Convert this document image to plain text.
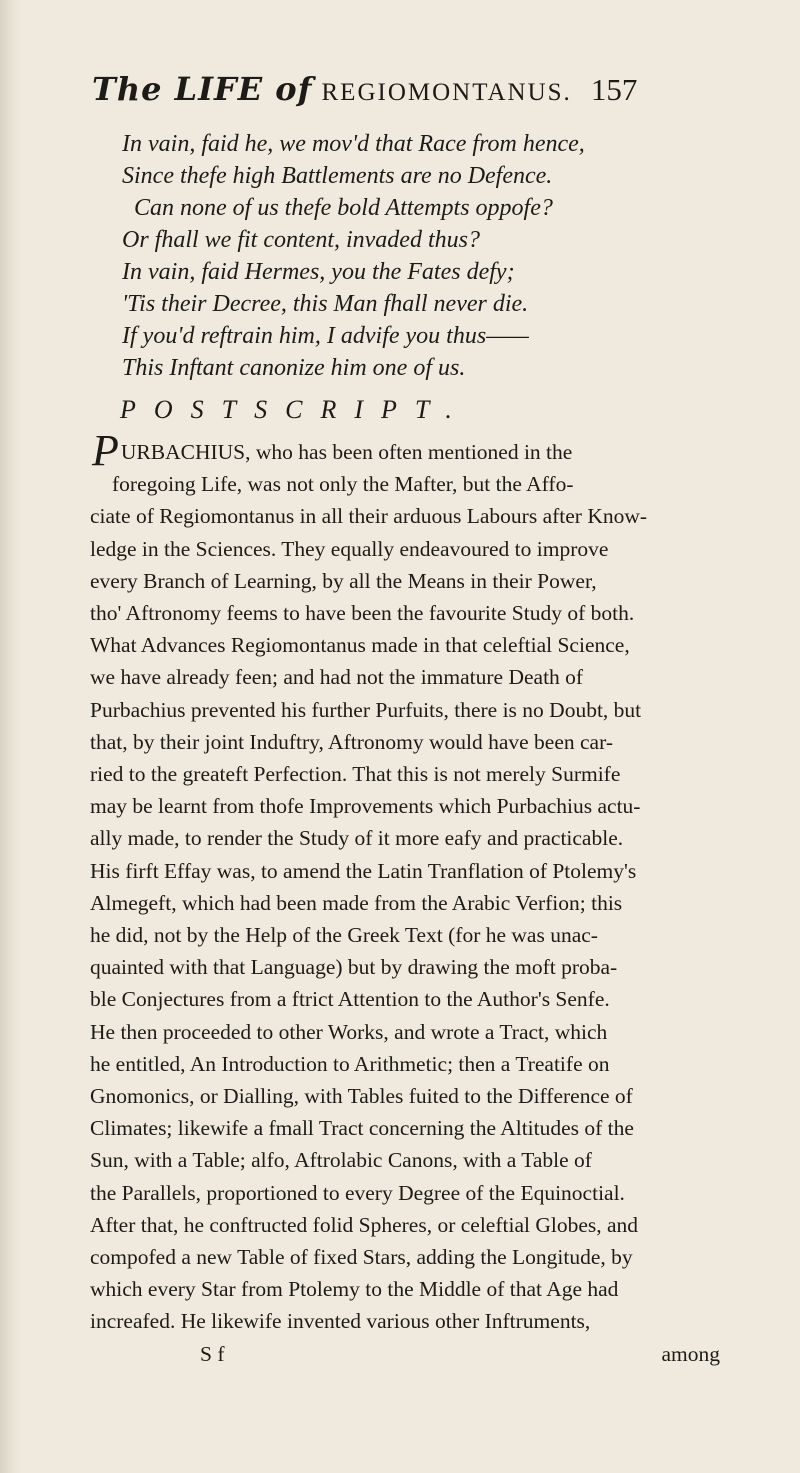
The LIFE of REGIOMONTANUS. 157
In vain, faid he, we mov'd that Race from hence,
Since thefe high Battlements are no Defence.
Can none of us thefe bold Attempts oppofe?
Or fhall we fit content, invaded thus?
In vain, faid Hermes, you the Fates defy;
'Tis their Decree, this Man fhall never die.
If you'd reftrain him, I advife you thus——
This Inftant canonize him one of us.
POSTSCRIPT.
PURBACHIUS, who has been often mentioned in the
foregoing Life, was not only the Mafter, but the Affo-
ciate of Regiomontanus in all their arduous Labours after Know-
ledge in the Sciences. They equally endeavoured to improve
every Branch of Learning, by all the Means in their Power,
tho' Aftronomy feems to have been the favourite Study of both.
What Advances Regiomontanus made in that celeftial Science,
we have already feen; and had not the immature Death of
Purbachius prevented his further Purfuits, there is no Doubt, but
that, by their joint Induftry, Aftronomy would have been car-
ried to the greateft Perfection. That this is not merely Surmife
may be learnt from thofe Improvements which Purbachius actu-
ally made, to render the Study of it more eafy and practicable.
His firft Effay was, to amend the Latin Tranflation of Ptolemy's
Almegeft, which had been made from the Arabic Verfion; this
he did, not by the Help of the Greek Text (for he was unac-
quainted with that Language) but by drawing the moft proba-
ble Conjectures from a ftrict Attention to the Author's Senfe.
He then proceeded to other Works, and wrote a Tract, which
he entitled, An Introduction to Arithmetic; then a Treatife on
Gnomonics, or Dialling, with Tables fuited to the Difference of
Climates; likewife a fmall Tract concerning the Altitudes of the
Sun, with a Table; alfo, Aftrolabic Canons, with a Table of
the Parallels, proportioned to every Degree of the Equinoctial.
After that, he conftructed folid Spheres, or celeftial Globes, and
compofed a new Table of fixed Stars, adding the Longitude, by
which every Star from Ptolemy to the Middle of that Age had
increafed. He likewife invented various other Inftruments,
S f	among
